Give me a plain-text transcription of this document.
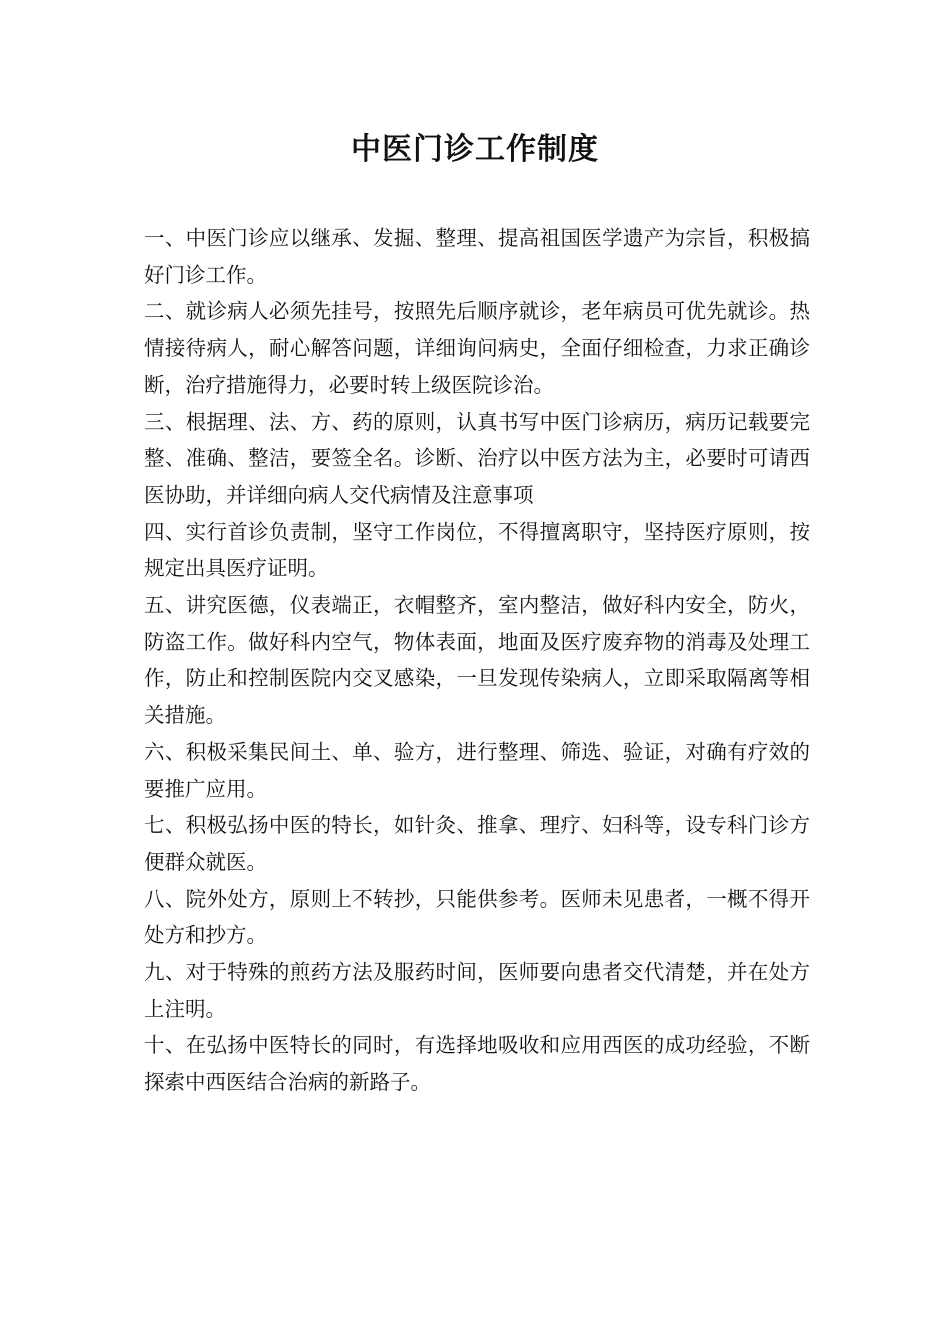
中医门诊工作制度

一、中医门诊应以继承、发掘、整理、提高祖国医学遗产为宗旨，积极搞好门诊工作。

二、就诊病人必须先挂号，按照先后顺序就诊，老年病员可优先就诊。热情接待病人，耐心解答问题，详细询问病史，全面仔细检查，力求正确诊断，治疗措施得力，必要时转上级医院诊治。

三、根据理、法、方、药的原则，认真书写中医门诊病历，病历记载要完整、准确、整洁，要签全名。诊断、治疗以中医方法为主，必要时可请西医协助，并详细向病人交代病情及注意事项

四、实行首诊负责制，坚守工作岗位，不得擅离职守，坚持医疗原则，按规定出具医疗证明。

五、讲究医德，仪表端正，衣帽整齐，室内整洁，做好科内安全，防火，防盗工作。做好科内空气，物体表面，地面及医疗废弃物的消毒及处理工作，防止和控制医院内交叉感染，一旦发现传染病人，立即采取隔离等相关措施。

六、积极采集民间土、单、验方，进行整理、筛选、验证，对确有疗效的要推广应用。

七、积极弘扬中医的特长，如针灸、推拿、理疗、妇科等，设专科门诊方便群众就医。

八、院外处方，原则上不转抄，只能供参考。医师未见患者，一概不得开处方和抄方。

九、对于特殊的煎药方法及服药时间，医师要向患者交代清楚，并在处方上注明。

十、在弘扬中医特长的同时，有选择地吸收和应用西医的成功经验，不断探索中西医结合治病的新路子。
